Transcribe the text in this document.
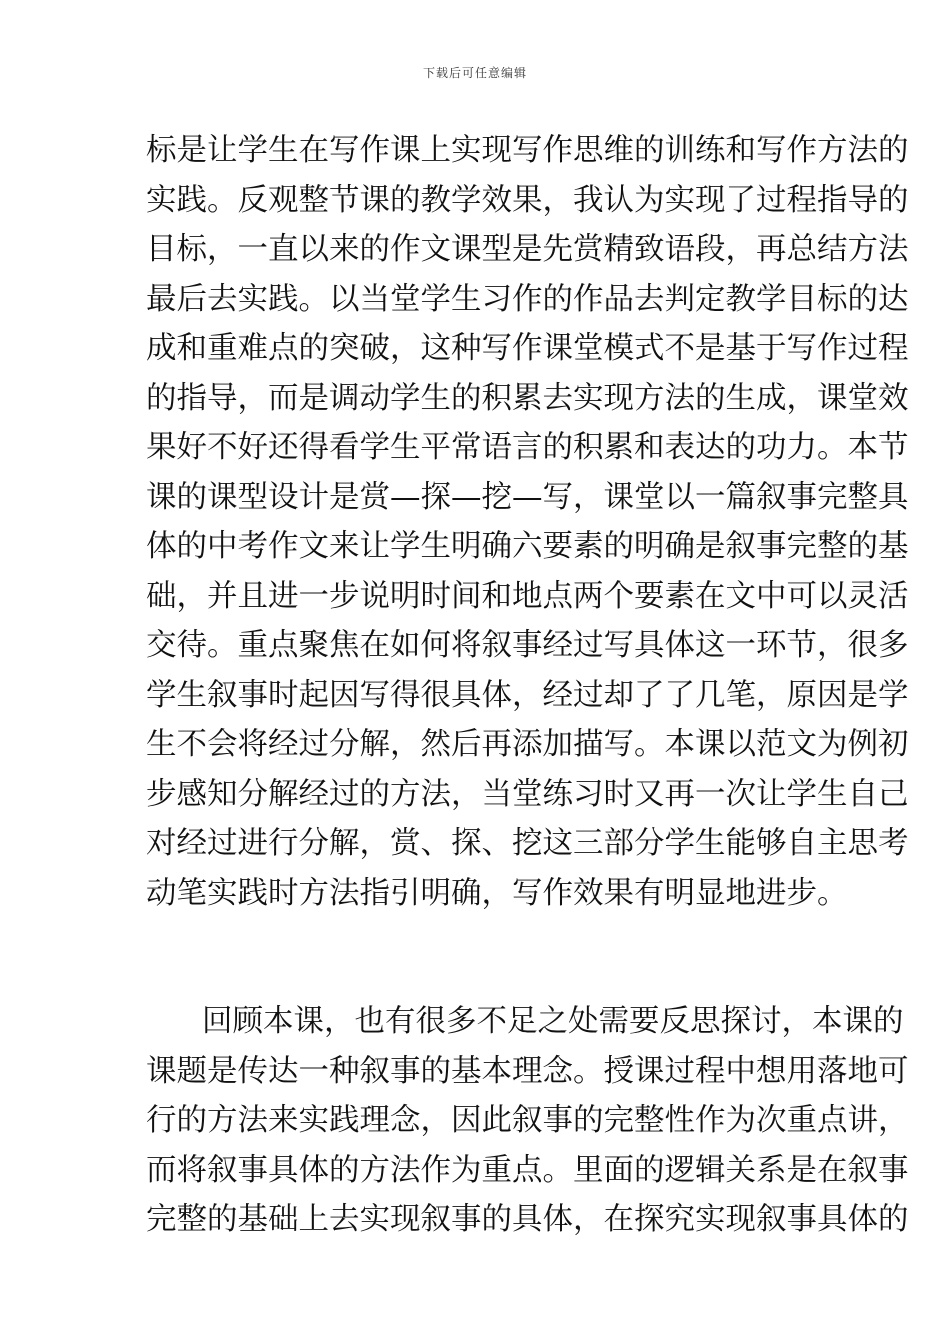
下载后可任意编辑
标是让学生在写作课上实现写作思维的训练和写作方法的
实践。反观整节课的教学效果，我认为实现了过程指导的
目标，一直以来的作文课型是先赏精致语段，再总结方法
最后去实践。以当堂学生习作的作品去判定教学目标的达
成和重难点的突破，这种写作课堂模式不是基于写作过程
的指导，而是调动学生的积累去实现方法的生成，课堂效
果好不好还得看学生平常语言的积累和表达的功力。本节
课的课型设计是赏—探—挖—写，课堂以一篇叙事完整具
体的中考作文来让学生明确六要素的明确是叙事完整的基
础，并且进一步说明时间和地点两个要素在文中可以灵活
交待。重点聚焦在如何将叙事经过写具体这一环节，很多
学生叙事时起因写得很具体，经过却了了几笔，原因是学
生不会将经过分解，然后再添加描写。本课以范文为例初
步感知分解经过的方法，当堂练习时又再一次让学生自己
对经过进行分解，赏、探、挖这三部分学生能够自主思考
动笔实践时方法指引明确，写作效果有明显地进步。
回顾本课，也有很多不足之处需要反思探讨，本课的
课题是传达一种叙事的基本理念。授课过程中想用落地可
行的方法来实践理念，因此叙事的完整性作为次重点讲，
而将叙事具体的方法作为重点。里面的逻辑关系是在叙事
完整的基础上去实现叙事的具体，在探究实现叙事具体的
